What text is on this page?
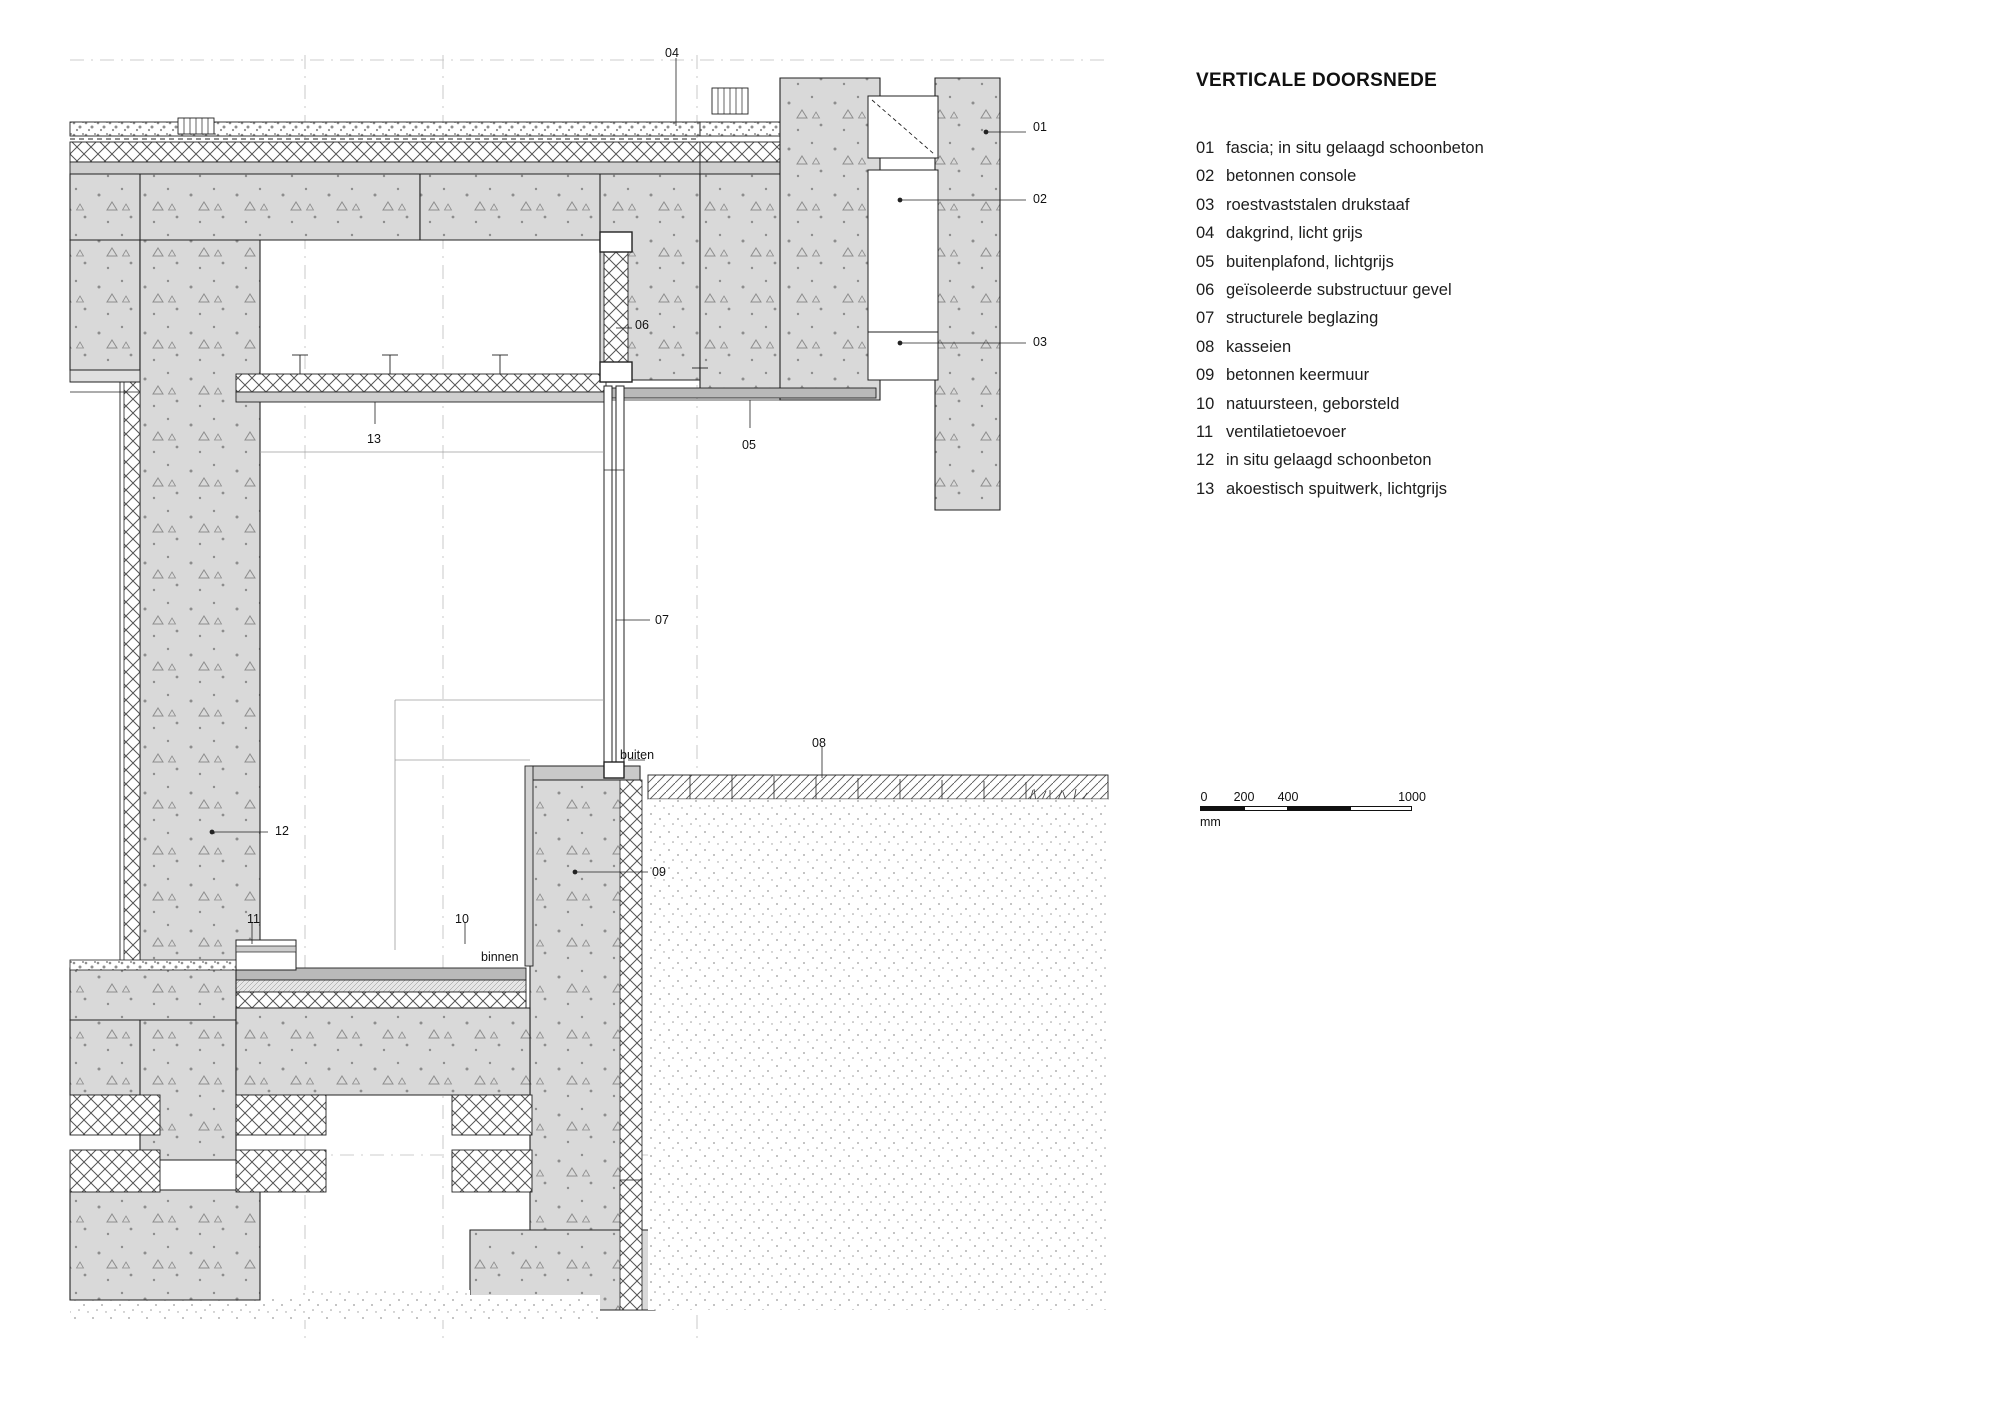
04
01
02
03
06
13	05
07
08
buiten
12
09
11	10
binnen
VERTICALE DOORSNEDE
01 fascia; in situ gelaagd schoonbeton
02 betonnen console
03 roestvaststalen drukstaaf
04 dakgrind, licht grijs
05 buitenplafond, lichtgrijs
06 geïsoleerde substructuur gevel
07 structurele beglazing
08 kasseien
09 betonnen keermuur
10 natuursteen, geborsteld
11 ventilatietoevoer
12 in situ gelaagd schoonbeton
13 akoestisch spuitwerk, lichtgrijs
0 200 400	1000
mm
